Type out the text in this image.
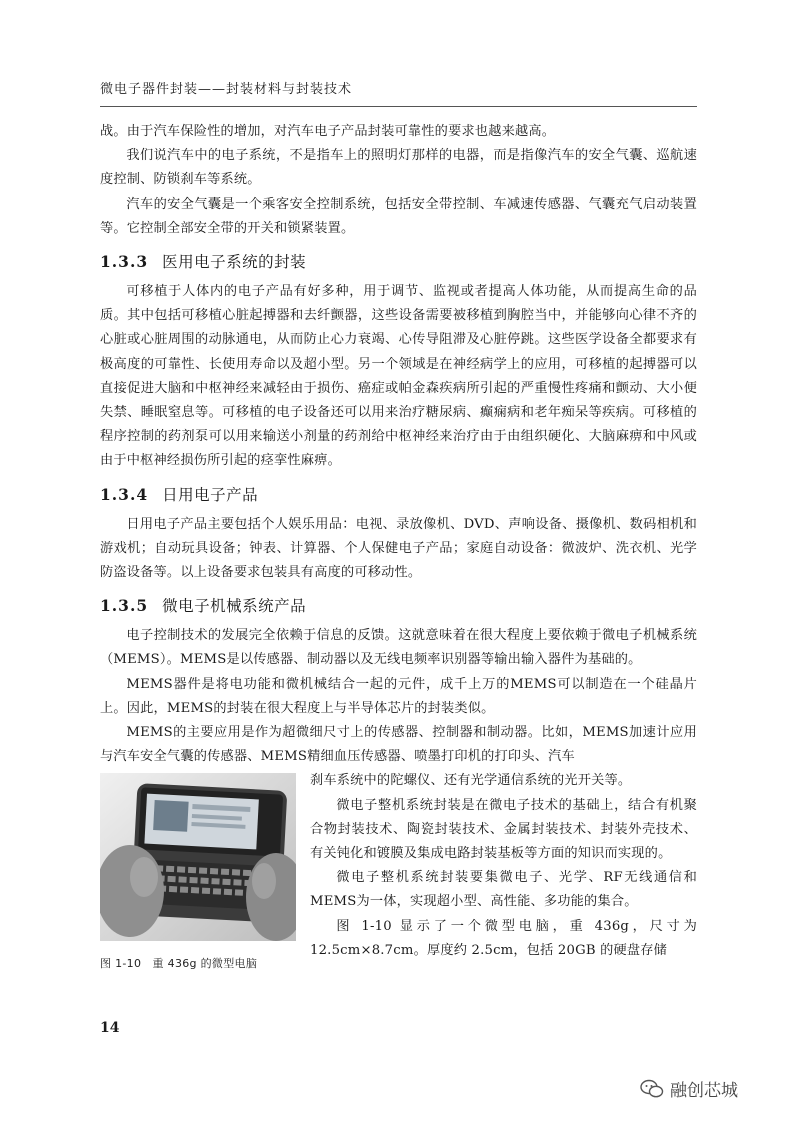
微电子器件封装——封装材料与封装技术

战。由于汽车保险性的增加，对汽车电子产品封装可靠性的要求也越来越高。

我们说汽车中的电子系统，不是指车上的照明灯那样的电器，而是指像汽车的安全气囊、巡航速度控制、防锁刹车等系统。

汽车的安全气囊是一个乘客安全控制系统，包括安全带控制、车减速传感器、气囊充气启动装置等。它控制全部安全带的开关和锁紧装置。

1.3.3 医用电子系统的封装

可移植于人体内的电子产品有好多种，用于调节、监视或者提高人体功能，从而提高生命的品质。其中包括可移植心脏起搏器和去纤颤器，这些设备需要被移植到胸腔当中，并能够向心律不齐的心脏或心脏周围的动脉通电，从而防止心力衰竭、心传导阻滞及心脏停跳。这些医学设备全都要求有极高度的可靠性、长使用寿命以及超小型。另一个领域是在神经病学上的应用，可移植的起搏器可以直接促进大脑和中枢神经来减轻由于损伤、癌症或帕金森疾病所引起的严重慢性疼痛和颤动、大小便失禁、睡眠窒息等。可移植的电子设备还可以用来治疗糖尿病、癫痫病和老年痴呆等疾病。可移植的程序控制的药剂泵可以用来输送小剂量的药剂给中枢神经来治疗由于由组织硬化、大脑麻痹和中风或由于中枢神经损伤所引起的痉挛性麻痹。

1.3.4 日用电子产品

日用电子产品主要包括个人娱乐用品：电视、录放像机、DVD、声响设备、摄像机、数码相机和游戏机；自动玩具设备；钟表、计算器、个人保健电子产品；家庭自动设备：微波炉、洗衣机、光学防盗设备等。以上设备要求包装具有高度的可移动性。

1.3.5 微电子机械系统产品

电子控制技术的发展完全依赖于信息的反馈。这就意味着在很大程度上要依赖于微电子机械系统（MEMS）。MEMS是以传感器、制动器以及无线电频率识别器等输出输入器件为基础的。

MEMS器件是将电功能和微机械结合一起的元件，成千上万的MEMS可以制造在一个硅晶片上。因此，MEMS的封装在很大程度上与半导体芯片的封装类似。

MEMS的主要应用是作为超微细尺寸上的传感器、控制器和制动器。比如，MEMS加速计应用与汽车安全气囊的传感器、MEMS精细血压传感器、喷墨打印机的打印头、汽车

图 1-10　重 436g 的微型电脑

刹车系统中的陀螺仪、还有光学通信系统的光开关等。

微电子整机系统封装是在微电子技术的基础上，结合有机聚合物封装技术、陶瓷封装技术、金属封装技术、封装外壳技术、有关钝化和镀膜及集成电路封装基板等方面的知识而实现的。

微电子整机系统封装要集微电子、光学、RF无线通信和MEMS为一体，实现超小型、高性能、多功能的集合。

图 1-10 显示了一个微型电脑，重 436g，尺寸为 12.5cm×8.7cm。厚度约 2.5cm，包括 20GB 的硬盘存储

14
融创芯城
